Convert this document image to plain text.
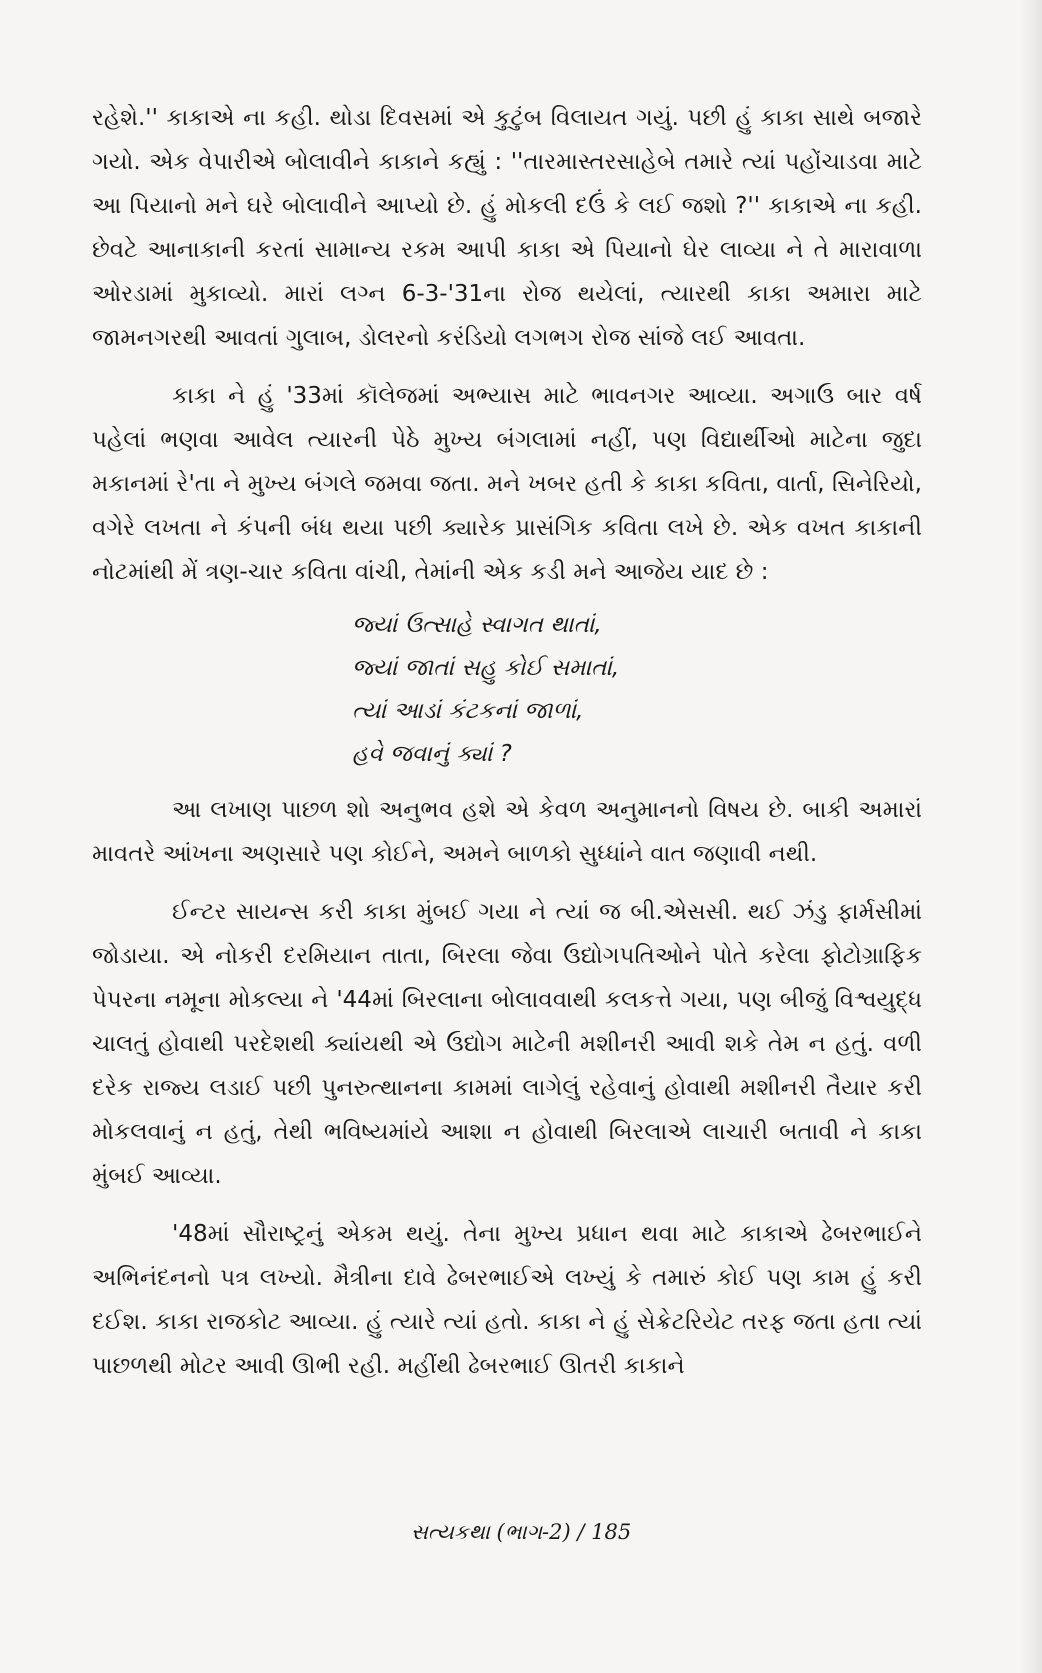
રહેશે.'' કાકાએ ના કહી. થોડા દિવસમાં એ કુટુંબ વિલાયત ગયું. પછી હું કાકા સાથે બજારે ગયો. એક વેપારીએ બોલાવીને કાકાને કહ્યું : ''તારમાસ્તરસાહેબે તમારે ત્યાં પહોંચાડવા માટે આ પિયાનો મને ઘરે બોલાવીને આપ્યો છે. હું મોકલી દઉં કે લઈ જશો ?'' કાકાએ ના કહી. છેવટે આનાકાની કરતાં સામાન્ય રકમ આપી કાકા એ પિયાનો ઘેર લાવ્યા ને તે મારાવાળા ઓરડામાં મુકાવ્યો. મારાં લગ્ન 6-3-'31ના રોજ થયેલાં, ત્યારથી કાકા અમારા માટે જામનગરથી આવતાં ગુલાબ, ડોલરનો કરંડિયો લગભગ રોજ સાંજે લઈ આવતા.

કાકા ને હું '33માં કૉલેજમાં અભ્યાસ માટે ભાવનગર આવ્યા. અગાઉ બાર વર્ષ પહેલાં ભણવા આવેલ ત્યારની પેઠે મુખ્ય બંગલામાં નહીં, પણ વિદ્યાર્થીઓ માટેના જુદા મકાનમાં રે'તા ને મુખ્ય બંગલે જમવા જતા. મને ખબર હતી કે કાકા કવિતા, વાર્તા, સિનેરિયો, વગેરે લખતા ને કંપની બંધ થયા પછી ક્યારેક પ્રાસંગિક કવિતા લખે છે. એક વખત કાકાની નોટમાંથી મેં ત્રણ-ચાર કવિતા વાંચી, તેમાંની એક કડી મને આજેય યાદ છે :

જ્યાં ઉત્સાહે સ્વાગત થાતાં,
જ્યાં જાતાં સહુ કોઈ સમાતાં,
ત્યાં આડાં કંટકનાં જાળાં,
હવે જવાનું ક્યાં ?

આ લખાણ પાછળ શો અનુભવ હશે એ કેવળ અનુમાનનો વિષય છે. બાકી અમારાં માવતરે આંખના અણસારે પણ કોઈને, અમને બાળકો સુધ્ધાંને વાત જણાવી નથી.

ઈન્ટર સાયન્સ કરી કાકા મુંબઈ ગયા ને ત્યાં જ બી.એસસી. થઈ ઝંડુ ફાર્મસીમાં જોડાયા. એ નોકરી દરમિયાન તાતા, બિરલા જેવા ઉદ્યોગપતિઓને પોતે કરેલા ફોટોગ્રાફિક પેપરના નમૂના મોકલ્યા ને '44માં બિરલાના બોલાવવાથી કલકત્તે ગયા, પણ બીજું વિશ્વયુદ્ધ ચાલતું હોવાથી પરદેશથી ક્યાંયથી એ ઉદ્યોગ માટેની મશીનરી આવી શકે તેમ ન હતું. વળી દરેક રાજ્ય લડાઈ પછી પુનરુત્થાનના કામમાં લાગેલું રહેવાનું હોવાથી મશીનરી તૈયાર કરી મોકલવાનું ન હતું, તેથી ભવિષ્યમાંયે આશા ન હોવાથી બિરલાએ લાચારી બતાવી ને કાકા મુંબઈ આવ્યા.

'48માં સૌરાષ્ટ્રનું એકમ થયું. તેના મુખ્ય પ્રધાન થવા માટે કાકાએ ઢેબરભાઈને અભિનંદનનો પત્ર લખ્યો. મૈત્રીના દાવે ઢેબરભાઈએ લખ્યું કે તમારું કોઈ પણ કામ હું કરી દઈશ. કાકા રાજકોટ આવ્યા. હું ત્યારે ત્યાં હતો. કાકા ને હું સેક્રેટરિયેટ તરફ જતા હતા ત્યાં પાછળથી મોટર આવી ઊભી રહી. મહીંથી ઢેબરભાઈ ઊતરી કાકાને

સત્યકથા (ભાગ-2) / 185
